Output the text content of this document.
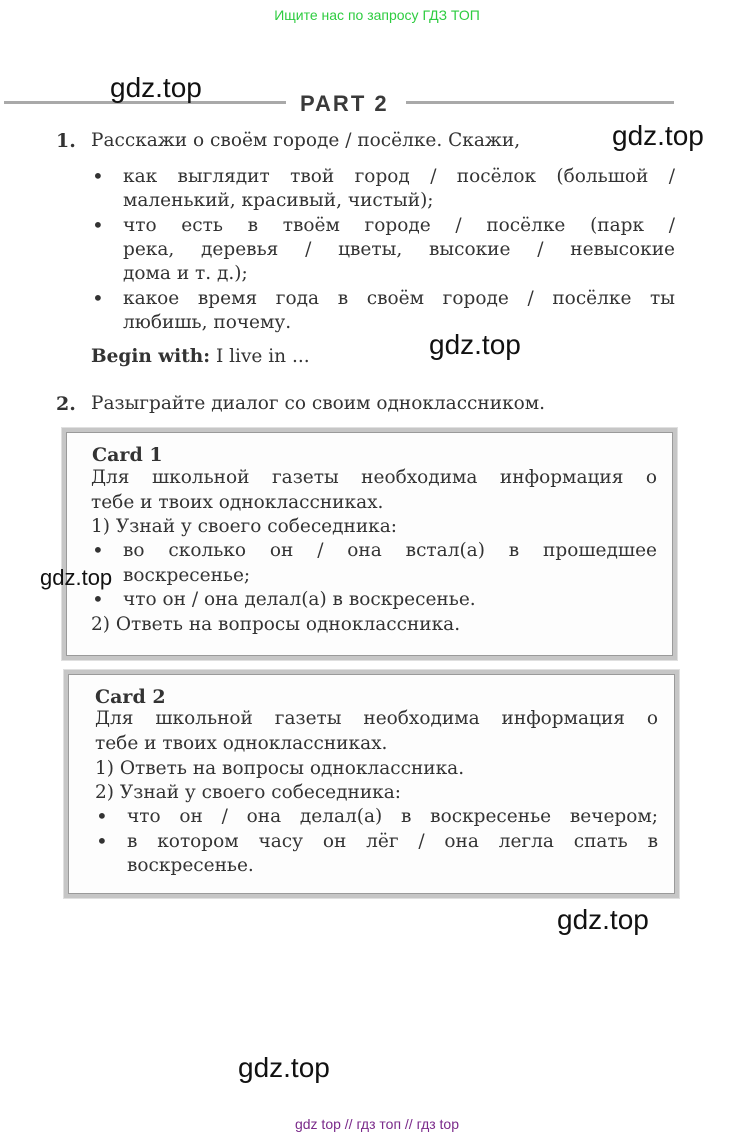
Ищите нас по запросу ГДЗ ТОП
PART 2
1. Расскажи о своём городе / посёлке. Скажи,
• как выглядит твой город / посёлок (большой /
маленький, красивый, чистый);
• что есть в твоём городе / посёлке (парк /
река, деревья / цветы, высокие / невысокие
дома и т. д.);
• какое время года в своём городе / посёлке ты
любишь, почему.
Begin with: I live in ...
2. Разыграйте диалог со своим одноклассником.
Card 1
Для школьной газеты необходима информация о
тебе и твоих одноклассниках.
1) Узнай у своего собеседника:
• во сколько он / она встал(а) в прошедшее
воскресенье;
• что он / она делал(а) в воскресенье.
2) Ответь на вопросы одноклассника.
Card 2
Для школьной газеты необходима информация о
тебе и твоих одноклассниках.
1) Ответь на вопросы одноклассника.
2) Узнай у своего собеседника:
• что он / она делал(а) в воскресенье вечером;
• в котором часу он лёг / она легла спать в
воскресенье.
gdz.top
gdz.top
gdz.top
gdz.top
gdz.top
gdz.top
gdz top // гдз топ // гдз top
